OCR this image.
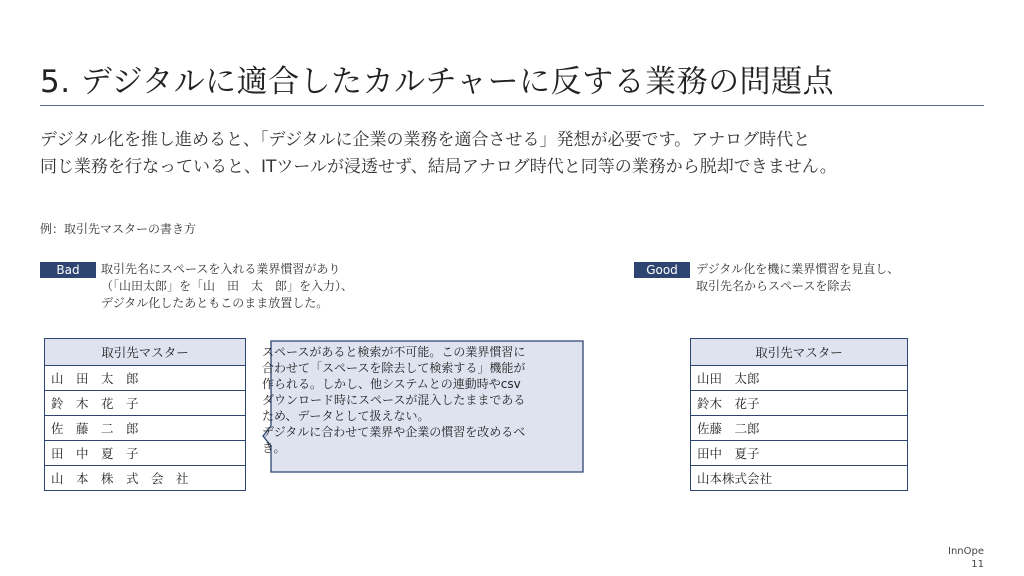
5. デジタルに適合したカルチャーに反する業務の問題点
デジタル化を推し進めると、「デジタルに企業の業務を適合させる」発想が必要です。アナログ時代と
同じ業務を行なっていると、ITツールが浸透せず、結局アナログ時代と同等の業務から脱却できません。
例：取引先マスターの書き方
Bad	取引先名にスペースを入れる業界慣習があり
（「山田太郎」を「山　田　太　郎」を入力）、
デジタル化したあともこのまま放置した。
取引先マスター
山　田　太　郎
鈴　木　花　子
佐　藤　二　郎
田　中　夏　子
山　本　株　式　会　社
スペースがあると検索が不可能。この業界慣習に
合わせて「スペースを除去して検索する」機能が
作られる。しかし、他システムとの連動時やcsv
ダウンロード時にスペースが混入したままである
ため、データとして扱えない。
デジタルに合わせて業界や企業の慣習を改めるべ
き。
Good	デジタル化を機に業界慣習を見直し、
取引先名からスペースを除去
取引先マスター
山田　太郎
鈴木　花子
佐藤　二郎
田中　夏子
山本株式会社
InnOpe
11
